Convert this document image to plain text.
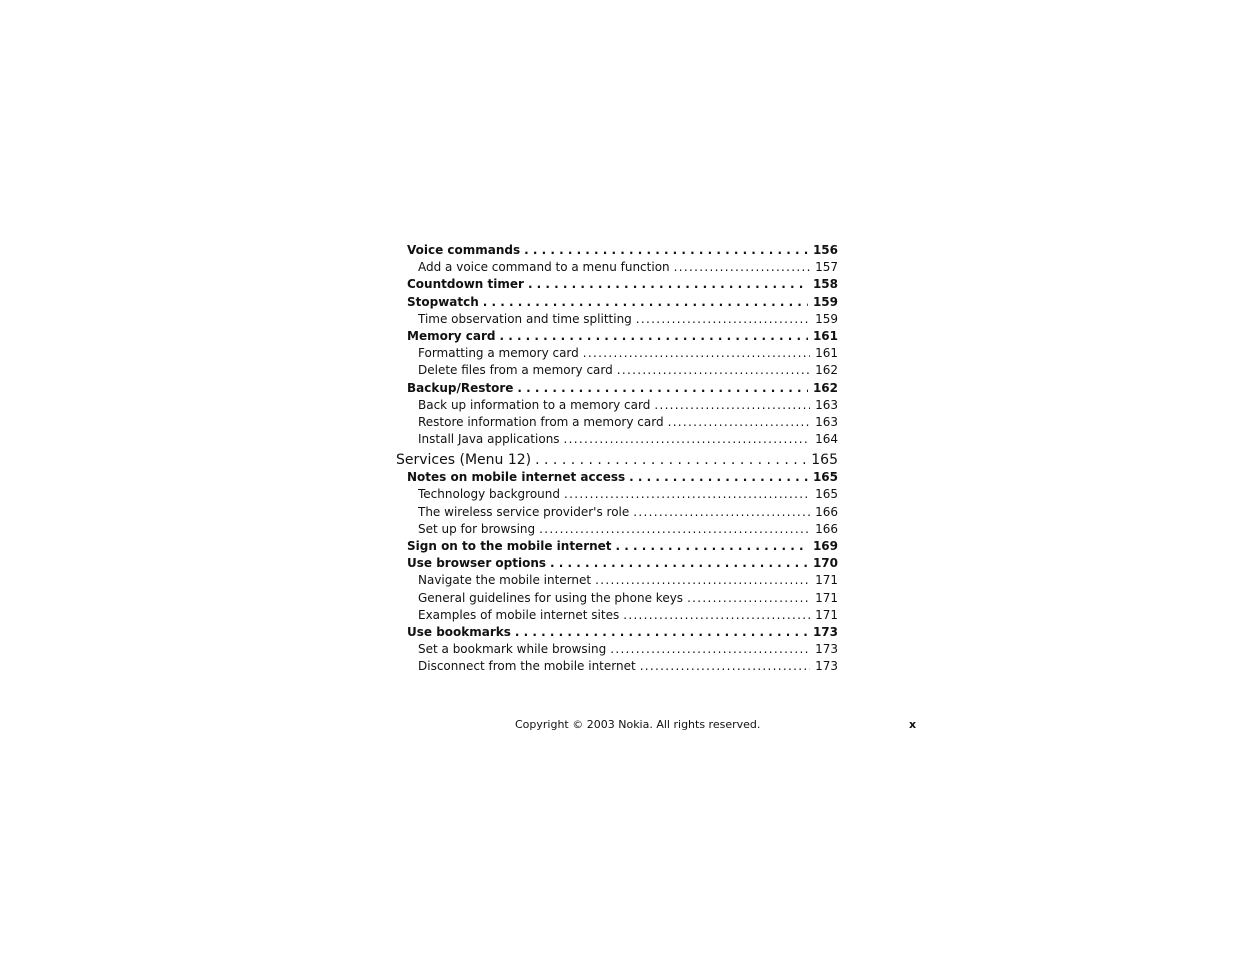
Voice commands . . .	156
Add a voice command to a menu function .....	157
Countdown timer . . .	158
Stopwatch . . .	159
Time observation and time splitting .....	159
Memory card . . .	161
Formatting a memory card .....	161
Delete files from a memory card .....	162
Backup/Restore . . .	162
Back up information to a memory card .....	163
Restore information from a memory card .....	163
Install Java applications .....	164
Services (Menu 12) . . .	165
Notes on mobile internet access . . .	165
Technology background .....	165
The wireless service provider's role .....	166
Set up for browsing .....	166
Sign on to the mobile internet . . .	169
Use browser options . . .	170
Navigate the mobile internet .....	171
General guidelines for using the phone keys .....	171
Examples of mobile internet sites .....	171
Use bookmarks . . .	173
Set a bookmark while browsing .....	173
Disconnect from the mobile internet .....	173
Copyright © 2003 Nokia. All rights reserved.	x
